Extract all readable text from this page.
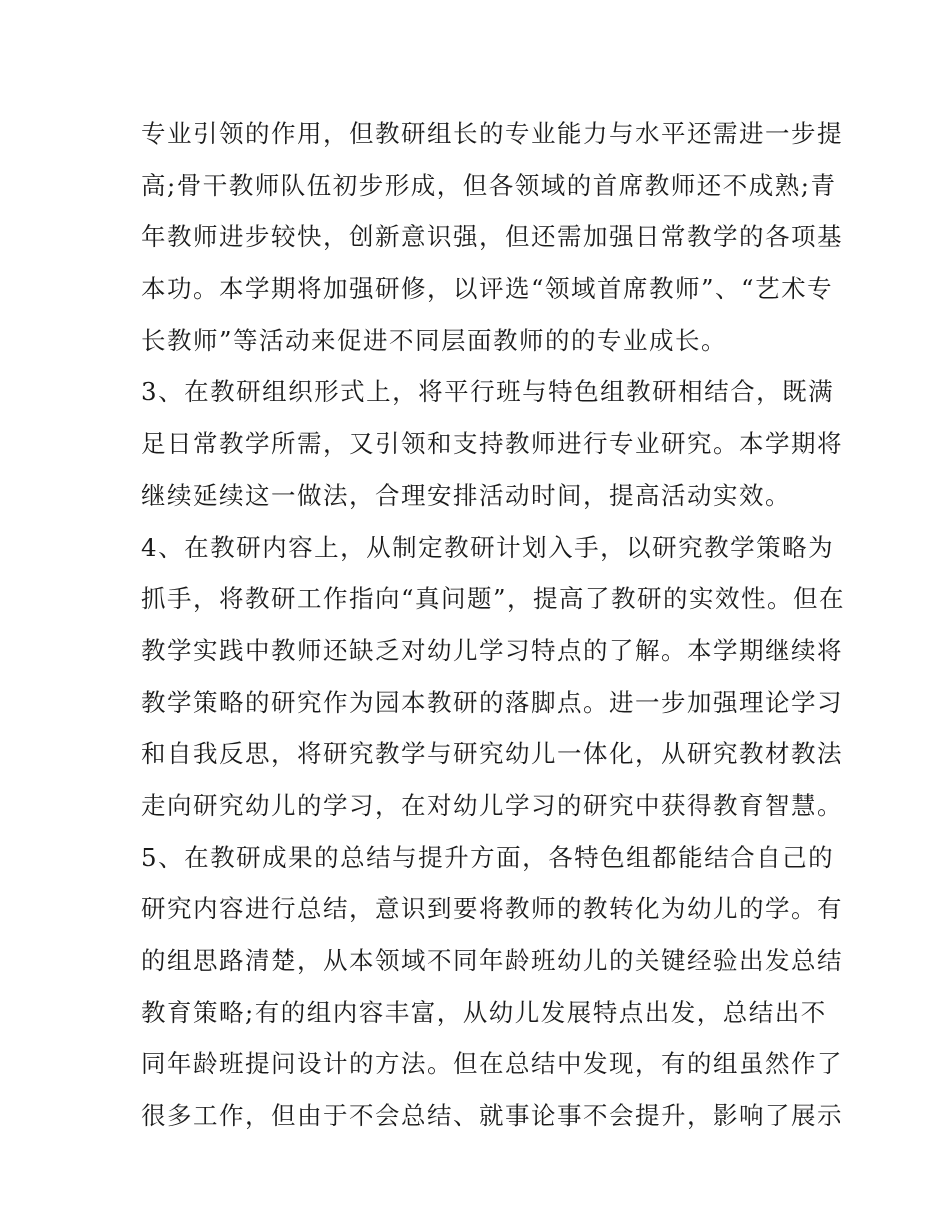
专业引领的作用，但教研组长的专业能力与水平还需进一步提
高;骨干教师队伍初步形成，但各领域的首席教师还不成熟;青
年教师进步较快，创新意识强，但还需加强日常教学的各项基
本功。本学期将加强研修，以评选“领域首席教师”、“艺术专
长教师”等活动来促进不同层面教师的的专业成长。
3、在教研组织形式上，将平行班与特色组教研相结合，既满
足日常教学所需，又引领和支持教师进行专业研究。本学期将
继续延续这一做法，合理安排活动时间，提高活动实效。
4、在教研内容上，从制定教研计划入手，以研究教学策略为
抓手，将教研工作指向“真问题”，提高了教研的实效性。但在
教学实践中教师还缺乏对幼儿学习特点的了解。本学期继续将
教学策略的研究作为园本教研的落脚点。进一步加强理论学习
和自我反思，将研究教学与研究幼儿一体化，从研究教材教法
走向研究幼儿的学习，在对幼儿学习的研究中获得教育智慧。
5、在教研成果的总结与提升方面，各特色组都能结合自己的
研究内容进行总结，意识到要将教师的教转化为幼儿的学。有
的组思路清楚，从本领域不同年龄班幼儿的关键经验出发总结
教育策略;有的组内容丰富，从幼儿发展特点出发，总结出不
同年龄班提问设计的方法。但在总结中发现，有的组虽然作了
很多工作，但由于不会总结、就事论事不会提升，影响了展示
